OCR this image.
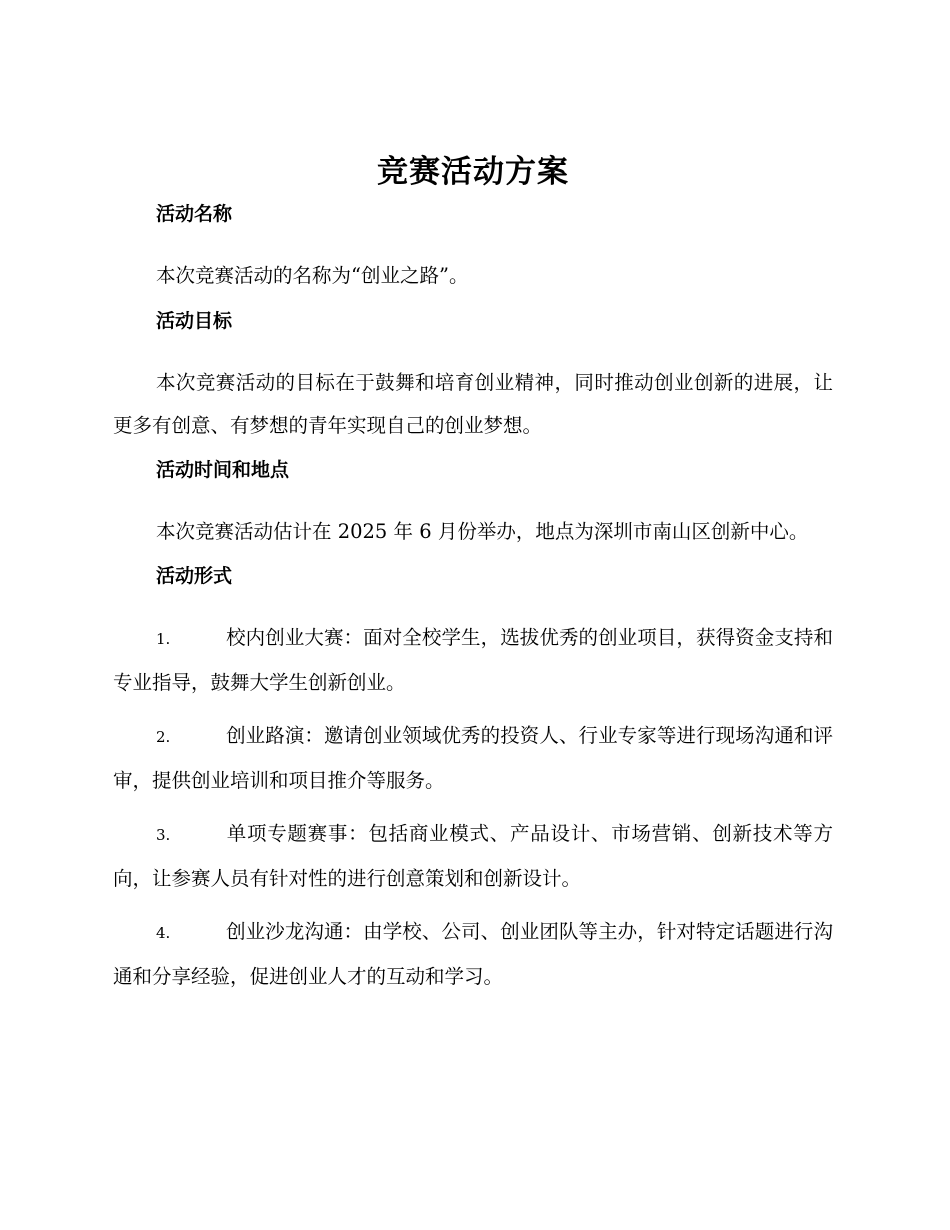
竞赛活动方案
活动名称

本次竞赛活动的名称为“创业之路”。

活动目标

本次竞赛活动的目标在于鼓舞和培育创业精神，同时推动创业创新的进展，让更多有创意、有梦想的青年实现自己的创业梦想。

活动时间和地点

本次竞赛活动估计在 2025 年 6 月份举办，地点为深圳市南山区创新中心。

活动形式

1.	校内创业大赛：面对全校学生，选拔优秀的创业项目，获得资金支持和专业指导，鼓舞大学生创新创业。

2.	创业路演：邀请创业领域优秀的投资人、行业专家等进行现场沟通和评审，提供创业培训和项目推介等服务。

3.	单项专题赛事：包括商业模式、产品设计、市场营销、创新技术等方向，让参赛人员有针对性的进行创意策划和创新设计。

4.	创业沙龙沟通：由学校、公司、创业团队等主办，针对特定话题进行沟通和分享经验，促进创业人才的互动和学习。
